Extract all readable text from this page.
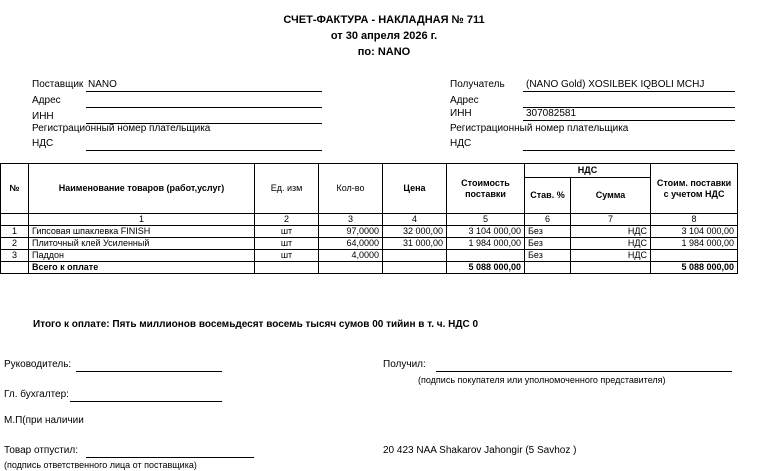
СЧЕТ-ФАКТУРА - НАКЛАДНАЯ № 711
от 30 апреля 2026 г.
по: NANO
Поставщик NANO
Адрес
ИНН
Регистрационный номер плательщика
НДС
Получатель (NANO Gold) XOSILBEK IQBOLI MCHJ
Адрес
ИНН	307082581
Регистрационный номер плательщика
НДС
№	Наименование товаров (работ,услуг)	Ед. изм	Кол-во	Цена	Стоимость поставки	НДС		Стоим. поставки с учетом НДС
						Став. %	Сумма	
	1	2	3	4	5	6	7	8
1	Гипсовая шпаклевка FINISH	шт	97,0000	32 000,00	3 104 000,00	Без	НДС	3 104 000,00
2	Плиточный клей Усиленный	шт	64,0000	31 000,00	1 984 000,00	Без	НДС	1 984 000,00
3	Паддон	шт	4,0000			Без	НДС	
	Всего к оплате				5 088 000,00			5 088 000,00
Итого к оплате: Пять миллионов восемьдесят восемь тысяч сумов 00 тийин в т. ч. НДС 0
Руководитель:	Получил:
(подпись покупателя или уполномоченного представителя)
Гл. бухгалтер:
М.П(при наличии
Товар отпустил:
(подпись ответственного лица от поставщика)
20 423 NAA Shakarov Jahongir (5 Savhoz )
